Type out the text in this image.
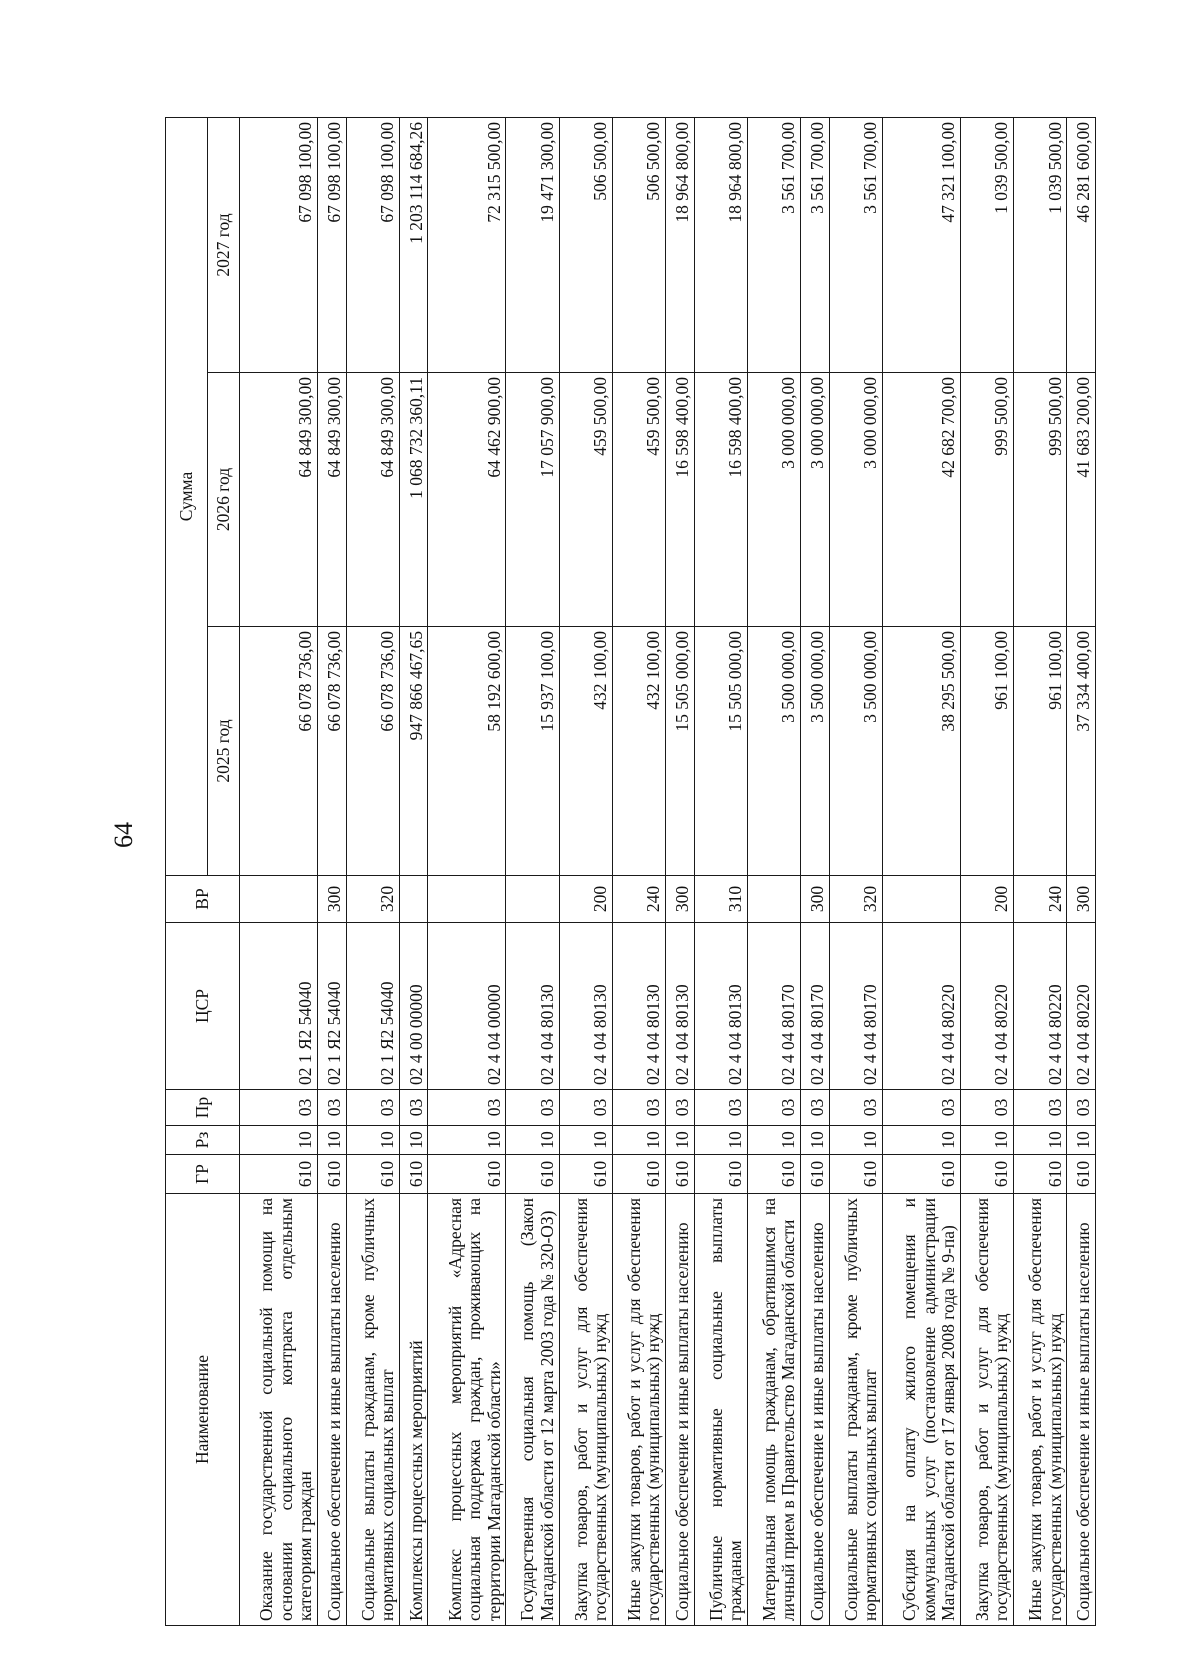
64
Наименование	ГР	Рз	Пр	ЦСР	ВР	Сумма		
						2025 год	2026 год	2027 год
Оказание государственной социальной помощи на основании социального контракта отдельным категориям граждан	610	10	03	02 1 Я2 54040		66 078 736,00	64 849 300,00	67 098 100,00
Социальное обеспечение и иные выплаты населению	610	10	03	02 1 Я2 54040	300	66 078 736,00	64 849 300,00	67 098 100,00
Социальные выплаты гражданам, кроме публичных нормативных социальных выплат	610	10	03	02 1 Я2 54040	320	66 078 736,00	64 849 300,00	67 098 100,00
Комплексы процессных мероприятий	610	10	03	02 4 00 00000		947 866 467,65	1 068 732 360,11	1 203 114 684,26
Комплекс процессных мероприятий «Адресная социальная поддержка граждан, проживающих на территории Магаданской области»	610	10	03	02 4 04 00000		58 192 600,00	64 462 900,00	72 315 500,00
Государственная социальная помощь (Закон Магаданской области от 12 марта 2003 года № 320-ОЗ)	610	10	03	02 4 04 80130		15 937 100,00	17 057 900,00	19 471 300,00
Закупка товаров, работ и услуг для обеспечения государственных (муниципальных) нужд	610	10	03	02 4 04 80130	200	432 100,00	459 500,00	506 500,00
Иные закупки товаров, работ и услуг для обеспечения государственных (муниципальных) нужд	610	10	03	02 4 04 80130	240	432 100,00	459 500,00	506 500,00
Социальное обеспечение и иные выплаты населению	610	10	03	02 4 04 80130	300	15 505 000,00	16 598 400,00	18 964 800,00
Публичные нормативные социальные выплаты гражданам	610	10	03	02 4 04 80130	310	15 505 000,00	16 598 400,00	18 964 800,00
Материальная помощь гражданам, обратившимся на личный прием в Правительство Магаданской области	610	10	03	02 4 04 80170		3 500 000,00	3 000 000,00	3 561 700,00
Социальное обеспечение и иные выплаты населению	610	10	03	02 4 04 80170	300	3 500 000,00	3 000 000,00	3 561 700,00
Социальные выплаты гражданам, кроме публичных нормативных социальных выплат	610	10	03	02 4 04 80170	320	3 500 000,00	3 000 000,00	3 561 700,00
Субсидия на оплату жилого помещения и коммунальных услуг (постановление администрации Магаданской области от 17 января 2008 года № 9-па)	610	10	03	02 4 04 80220		38 295 500,00	42 682 700,00	47 321 100,00
Закупка товаров, работ и услуг для обеспечения государственных (муниципальных) нужд	610	10	03	02 4 04 80220	200	961 100,00	999 500,00	1 039 500,00
Иные закупки товаров, работ и услуг для обеспечения государственных (муниципальных) нужд	610	10	03	02 4 04 80220	240	961 100,00	999 500,00	1 039 500,00
Социальное обеспечение и иные выплаты населению	610	10	03	02 4 04 80220	300	37 334 400,00	41 683 200,00	46 281 600,00
